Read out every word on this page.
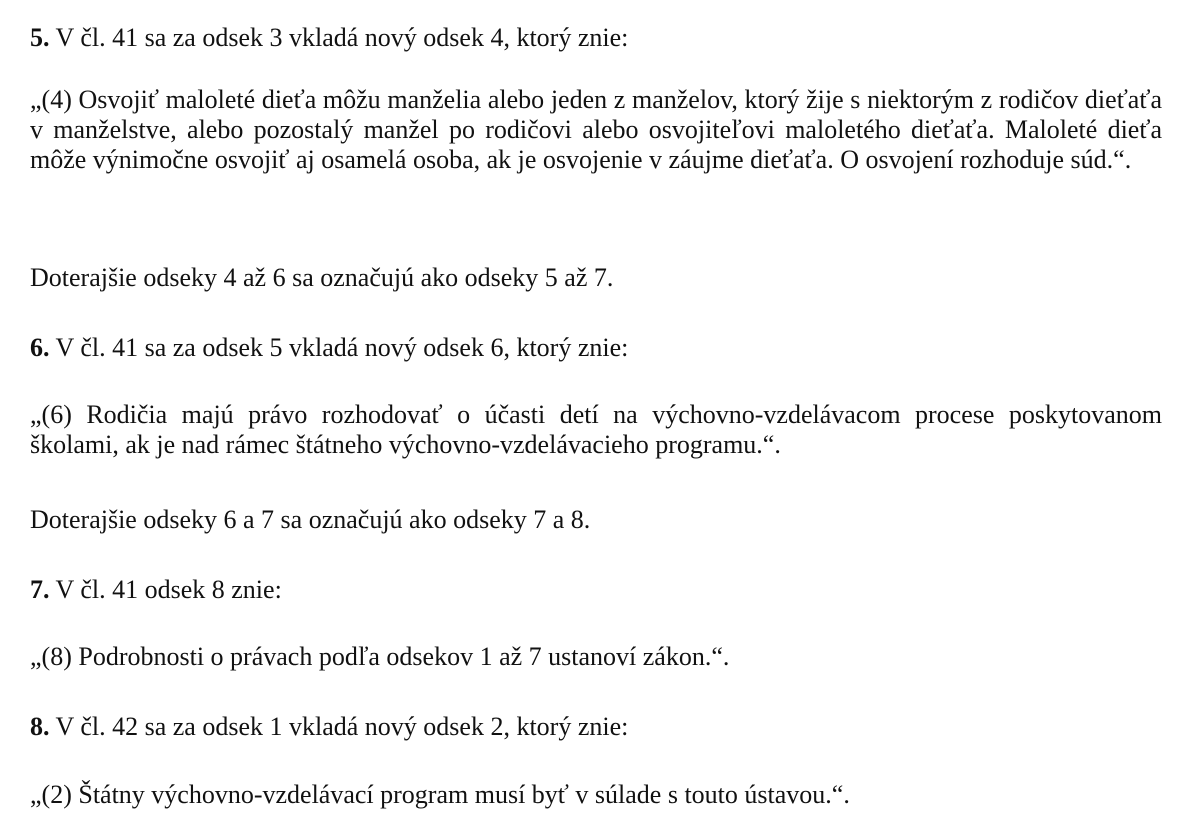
5. V čl. 41 sa za odsek 3 vkladá nový odsek 4, ktorý znie:
„(4) Osvojiť maloleté dieťa môžu manželia alebo jeden z manželov, ktorý žije s niektorým z rodičov dieťaťa v manželstve, alebo pozostalý manžel po rodičovi alebo osvojiteľovi maloletého dieťaťa. Maloleté dieťa môže výnimočne osvojiť aj osamelá osoba, ak je osvojenie v záujme dieťaťa. O osvojení rozhoduje súd.“.
Doterajšie odseky 4 až 6 sa označujú ako odseky 5 až 7.
6. V čl. 41 sa za odsek 5 vkladá nový odsek 6, ktorý znie:
„(6) Rodičia majú právo rozhodovať o účasti detí na výchovno-vzdelávacom procese poskytovanom školami, ak je nad rámec štátneho výchovno-vzdelávacieho programu.“.
Doterajšie odseky 6 a 7 sa označujú ako odseky 7 a 8.
7. V čl. 41 odsek 8 znie:
„(8) Podrobnosti o právach podľa odsekov 1 až 7 ustanoví zákon.“.
8. V čl. 42 sa za odsek 1 vkladá nový odsek 2, ktorý znie:
„(2) Štátny výchovno-vzdelávací program musí byť v súlade s touto ústavou.“.
